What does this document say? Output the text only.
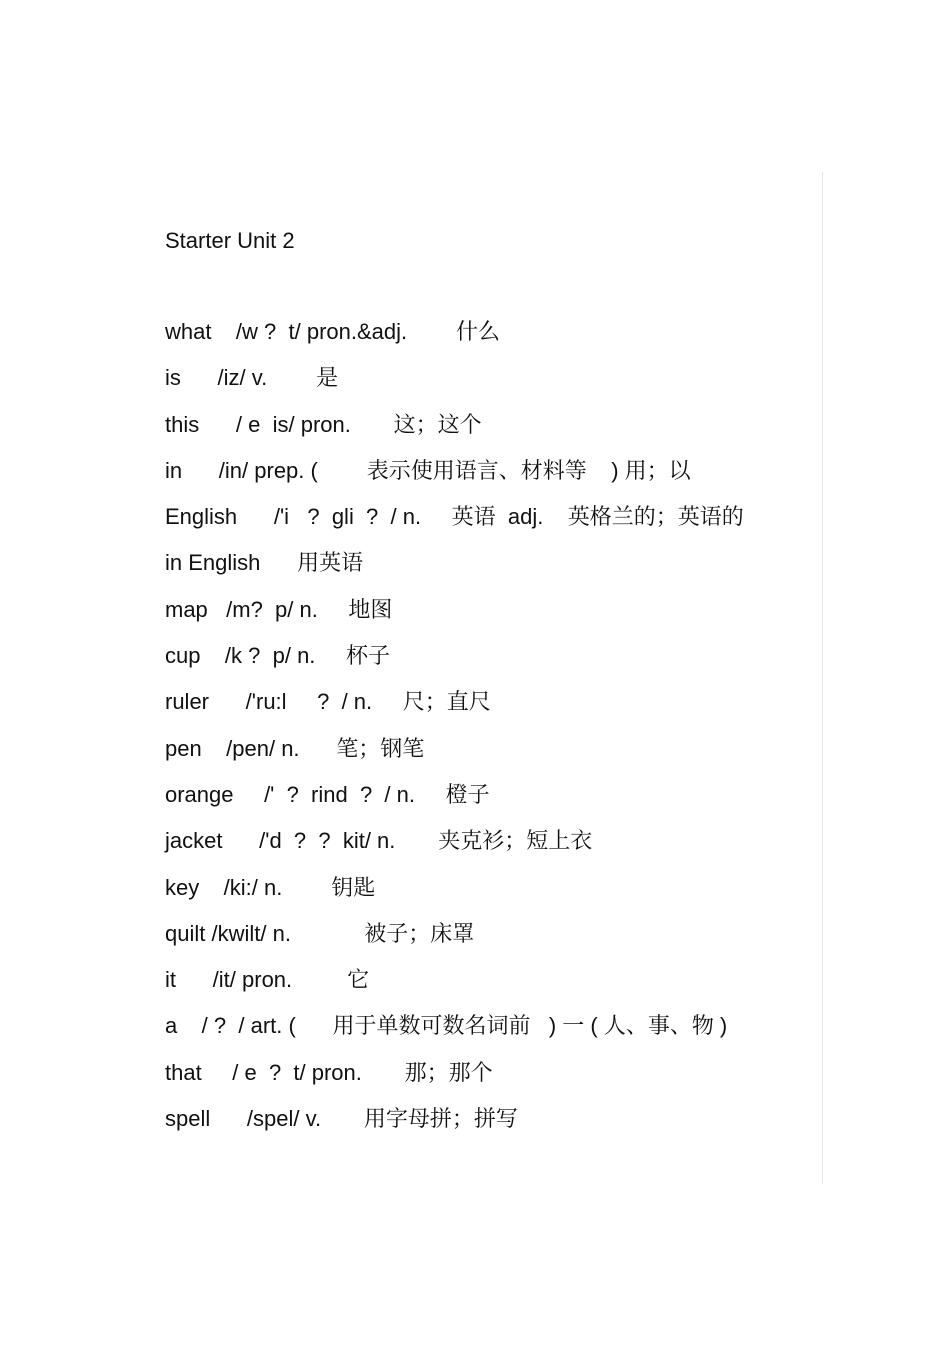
Starter Unit 2
what    /w ?  t/ pron.&adj.        什么
is      /iz/ v.        是
this      / e  is/ pron.       这；这个
in      /in/ prep. (        表示使用语言、材料等    ) 用；以
English      /'i   ?  gli  ?  / n.     英语  adj.    英格兰的；英语的
in English      用英语
map   /m?  p/ n.     地图
cup    /k ?  p/ n.     杯子
ruler      /'ru:l     ?  / n.     尺；直尺
pen    /pen/ n.      笔；钢笔
orange     /'  ?  rind  ?  / n.     橙子
jacket      /'d  ?  ?  kit/ n.       夹克衫；短上衣
key    /ki:/ n.        钥匙
quilt /kwilt/ n.            被子；床罩
it      /it/ pron.         它
a    / ?  / art. (      用于单数可数名词前   ) 一 ( 人、事、物 )
that     / e  ?  t/ pron.       那；那个
spell      /spel/ v.       用字母拼；拼写
